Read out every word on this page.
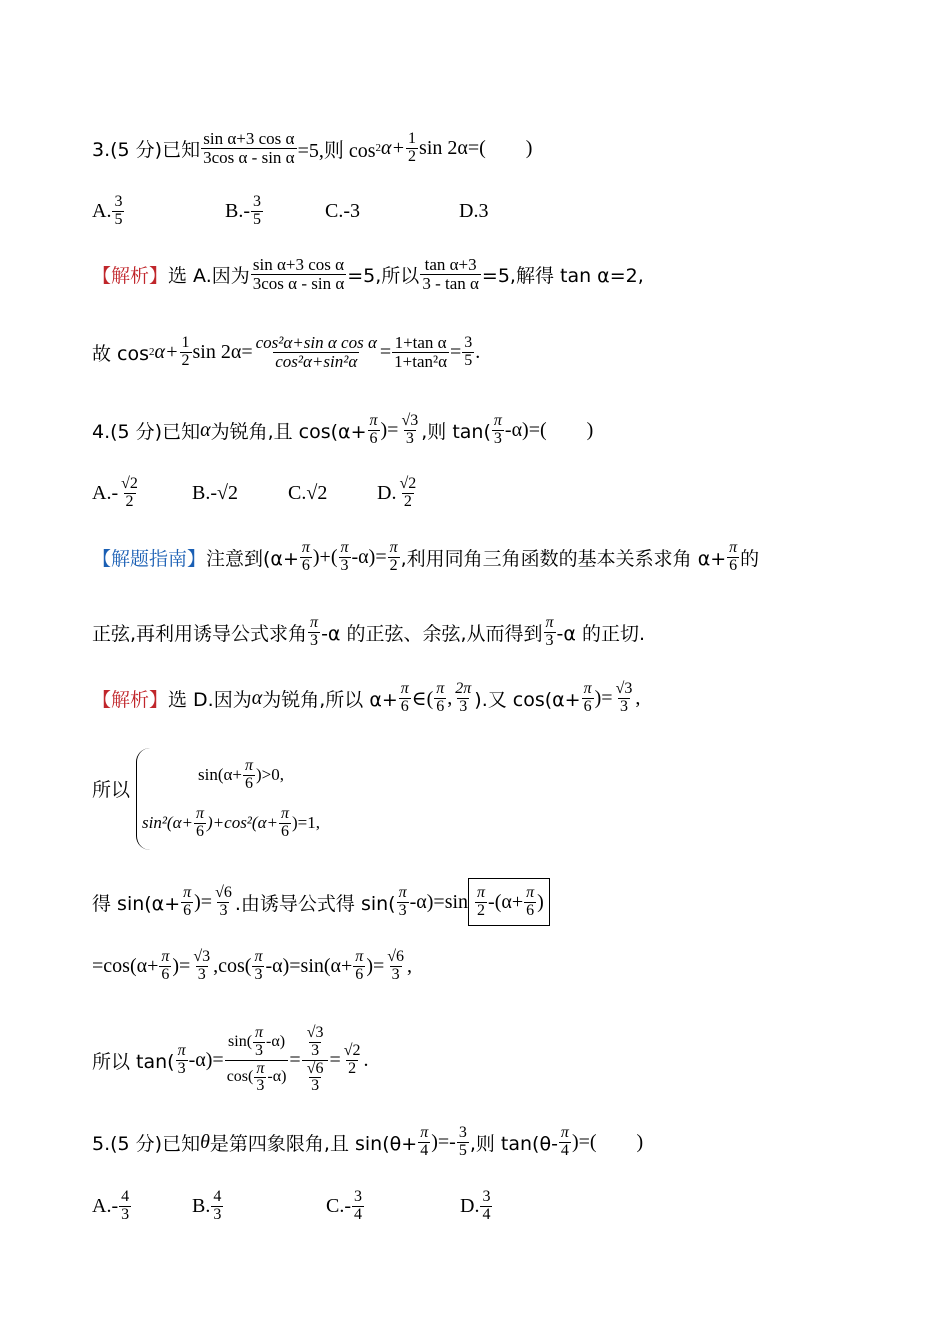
3.(5 分)已知 $\frac{\text{sin α+3 cos α}}{\text{3cos α - sin α}} =5$,则 cos 2 $\alpha+ \frac{1}{2}$ sin 2α=( )
A. $\frac{3}{5}$	$B.- \frac{3}{5}$	C.-3	D.3
【解析】 选 A.因为 $\frac{\text{sin α+3 cos α}}{\text{3cos α - sin α}} =5$,所以 $\frac{\text{tan α+3}}{\text{3 - tan α}} =5$,解得 tan α=2,
故 cos 2 $\alpha+ \frac{1}{2}$ $\sin 2\alpha= \frac{\text{cos²α+sin α cos α}}{\text{cos²α+sin²α}} = \frac{\text{1+tan α}}{\text{1+tan²α}} = \frac{3}{5}$ .
4.(5 分)已知 α 为锐角,且 $\cos(\alpha+ \frac{\pi}{6}$ )= $\frac{√3}{3}$ ,则 $\tan( \frac{\pi}{3} -\alpha)=$( )
$A.- \frac{√2}{2}$	B.-√2	C.√2	D. $\frac{√2}{2}$
【解题指南】 注意到($\alpha+ \frac{\pi}{6}$ )+( $\frac{\pi}{3} -\alpha)= \frac{\pi}{2}$ ,利用同角三角函数的基本关系求角 $\alpha+ \frac{\pi}{6}$ 的
正弦,再利用诱导公式求角 $\frac{\pi}{3} -\alpha$ 的正弦、余弦,从而得到 $\frac{\pi}{3} -\alpha$ 的正切.
【解析】 选 D.因为 α 为锐角,所以 $\alpha+ \frac{\pi}{6}$ ∈( $\frac{\pi}{6}$ , $\frac{2\pi}{3}$ ).又 $\cos(\alpha+ \frac{\pi}{6}$ )= $\frac{√3}{3}$ ,
所以
$\sin(\alpha+ \frac{\pi}{6} )>0$,
$\sin^2(\alpha+ \frac{\pi}{6} )+\cos^2(\alpha+ \frac{\pi}{6} )=1$,
得 $\sin(\alpha+ \frac{\pi}{6}$ )= $\frac{√6}{3}$ .由诱导公式得 $\sin( \frac{\pi}{3} -\alpha)=\sin \frac{\pi}{2} -(\alpha+ \frac{\pi}{6}$ )
$=\cos(\alpha+ \frac{\pi}{6}$ )= $\frac{√3}{3} ,\cos( \frac{\pi}{3} -\alpha)=\sin(\alpha+ \frac{\pi}{6}$ )= $\frac{√6}{3}$ ,
所以 $\tan( \frac{\pi}{3} -\alpha)= \frac{\sin( \frac{\pi}{3} -\alpha)}{\cos( \frac{\pi}{3} -\alpha)} = \frac{\frac{√3}{3}}{\frac{√6}{3}} = \frac{√2}{2}$ .
5.(5 分)已知 θ 是第四象限角,且 $\sin(\theta+ \frac{\pi}{4}$ )=- $\frac{3}{5}$ ,则 $\tan(\theta- \frac{\pi}{4}$ )=( )
$A.- \frac{4}{3}$	B. $\frac{4}{3}$	$C.- \frac{3}{4}$	D. $\frac{3}{4}$
